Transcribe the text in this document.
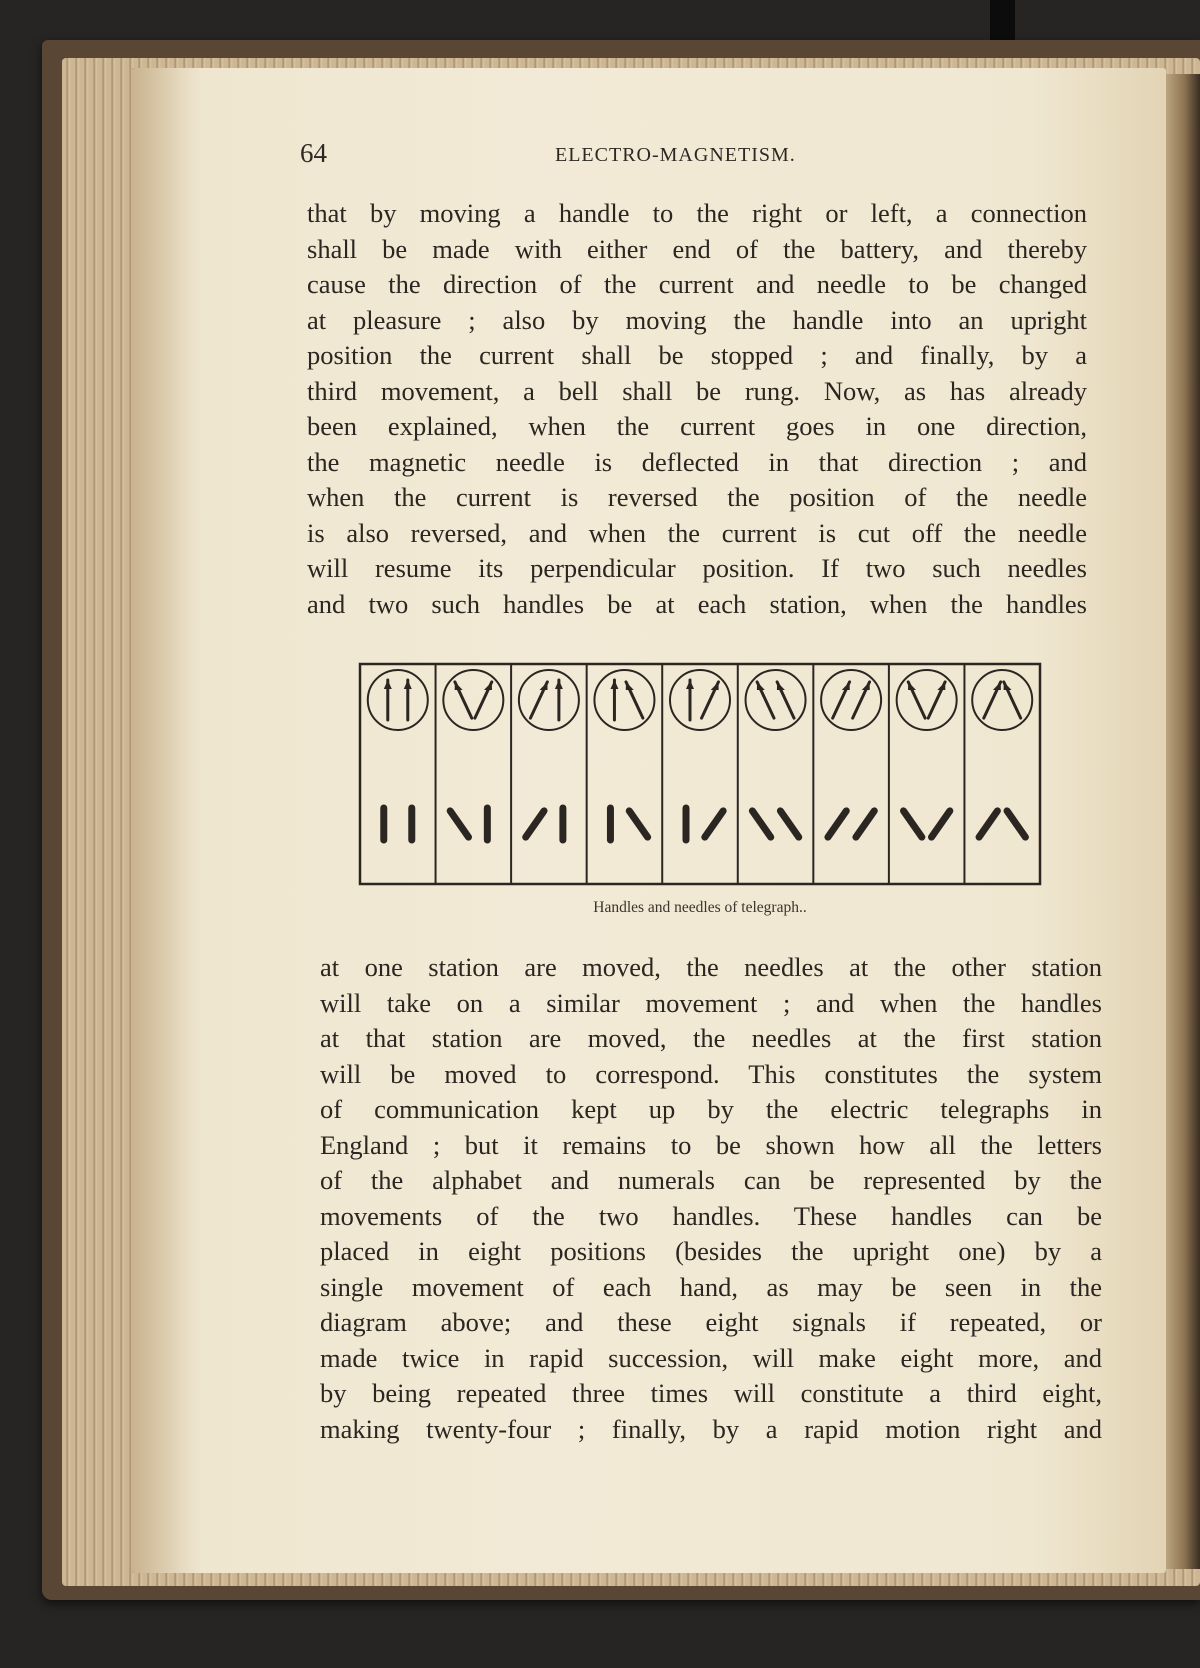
64	ELECTRO-MAGNETISM.
that by moving a handle to the right or left, a connection
shall be made with either end of the battery, and thereby
cause the direction of the current and needle to be changed
at pleasure ; also by moving the handle into an upright
position the current shall be stopped ; and finally, by a
third movement, a bell shall be rung. Now, as has already
been explained, when the current goes in one direction,
the magnetic needle is deflected in that direction ; and
when the current is reversed the position of the needle
is also reversed, and when the current is cut off the needle
will resume its perpendicular position. If two such needles
and two such handles be at each station, when the handles
Handles and needles of telegraph..
at one station are moved, the needles at the other station
will take on a similar movement ; and when the handles
at that station are moved, the needles at the first station
will be moved to correspond. This constitutes the system
of communication kept up by the electric telegraphs in
England ; but it remains to be shown how all the letters
of the alphabet and numerals can be represented by the
movements of the two handles. These handles can be
placed in eight positions (besides the upright one) by a
single movement of each hand, as may be seen in the
diagram above; and these eight signals if repeated, or
made twice in rapid succession, will make eight more, and
by being repeated three times will constitute a third eight,
making twenty-four ; finally, by a rapid motion right and
